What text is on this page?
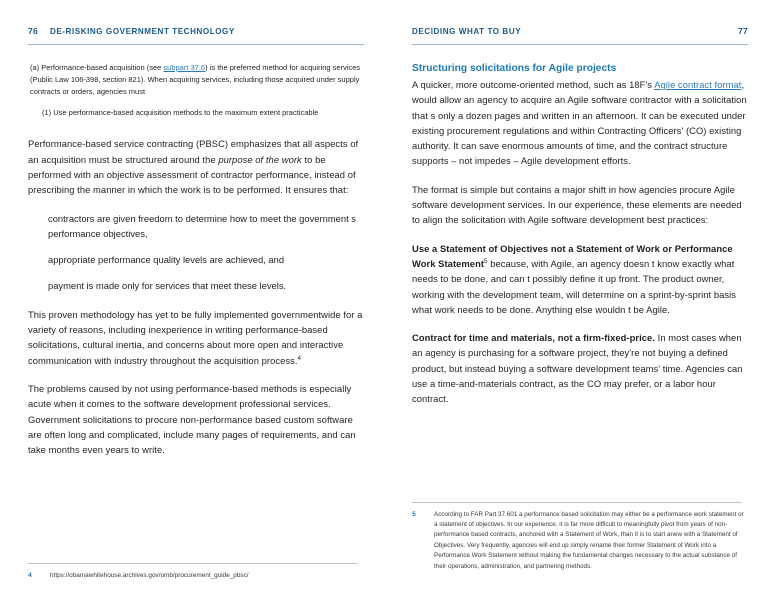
76 DE-RISKING GOVERNMENT TECHNOLOGY

(a) Performance-based acquisition (see subpart 37.6) is the preferred method for acquiring services (Public Law 106-398, section 821). When acquiring services, including those acquired under supply contracts or orders, agencies must

(1) Use performance-based acquisition methods to the maximum extent practicable

Performance-based service contracting (PBSC) emphasizes that all aspects of an acquisition must be structured around the purpose of the work to be performed with an objective assessment of contractor performance, instead of prescribing the manner in which the work is to be performed. It ensures that:

contractors are given freedom to determine how to meet the government s performance objectives,

appropriate performance quality levels are achieved, and

payment is made only for services that meet these levels.

This proven methodology has yet to be fully implemented governmentwide for a variety of reasons, including inexperience in writing performance-based solicitations, cultural inertia, and concerns about more open and interactive communication with industry throughout the acquisition process.$^4$

The problems caused by not using performance-based methods is especially acute when it comes to the software development professional services. Government solicitations to procure non-performance based custom software are often long and complicated, include many pages of requirements, and can take months even years to write.

4	https://obamawhitehouse.archives.gov/omb/procurement_guide_pbsc/
DECIDING WHAT TO BUY	77
Structuring solicitations for Agile projects

A quicker, more outcome-oriented method, such as 18F's Agile contract format, would allow an agency to acquire an Agile software contractor with a solicitation that s only a dozen pages and written in an afternoon. It can be executed under existing procurement regulations and within Contracting Officers' (CO) existing authority. It can save enormous amounts of time, and the contract structure supports – not impedes – Agile development efforts.

The format is simple but contains a major shift in how agencies procure Agile software development services. In our experience, these elements are needed to align the solicitation with Agile software development best practices:

Use a Statement of Objectives not a Statement of Work or Performance Work Statement$^5$ because, with Agile, an agency doesn t know exactly what needs to be done, and can t possibly define it up front. The product owner, working with the development team, will determine on a sprint-by-sprint basis what work needs to be done. Anything else wouldn t be Agile.

Contract for time and materials, not a firm-fixed-price. In most cases when an agency is purchasing for a software project, they're not buying a defined product, but instead buying a software development teams' time. Agencies can use a time-and-materials contract, as the CO may prefer, or a labor hour contract.

5	According to FAR Part 37.601 a performance based solicitation may either be a performance work statement or a statement of objectives. In our experience, it is far more difficult to meaningfully pivot from years of non-performance based contracts, anchored with a Statement of Work, than it is to start anew with a Statement of Objectives. Very frequently, agencies will end up simply rename their former Statement of Work into a Performance Work Statement without making the fundamental changes necessary to the actual substance of their operations, administration, and partnering methods.
